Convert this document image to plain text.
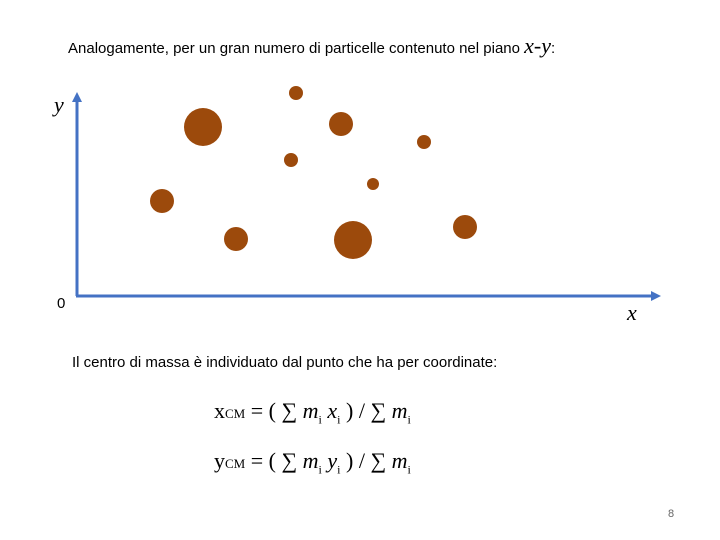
Analogamente, per un gran numero di particelle contenuto nel piano x-y:
y
x
0
Il centro di massa è individuato dal punto che ha per coordinate:
xCM = ( ∑ $m_i$ $x_i$ ) / ∑ $m_i$
yCM = ( ∑ $m_i$ $y_i$ ) / ∑ $m_i$
8
